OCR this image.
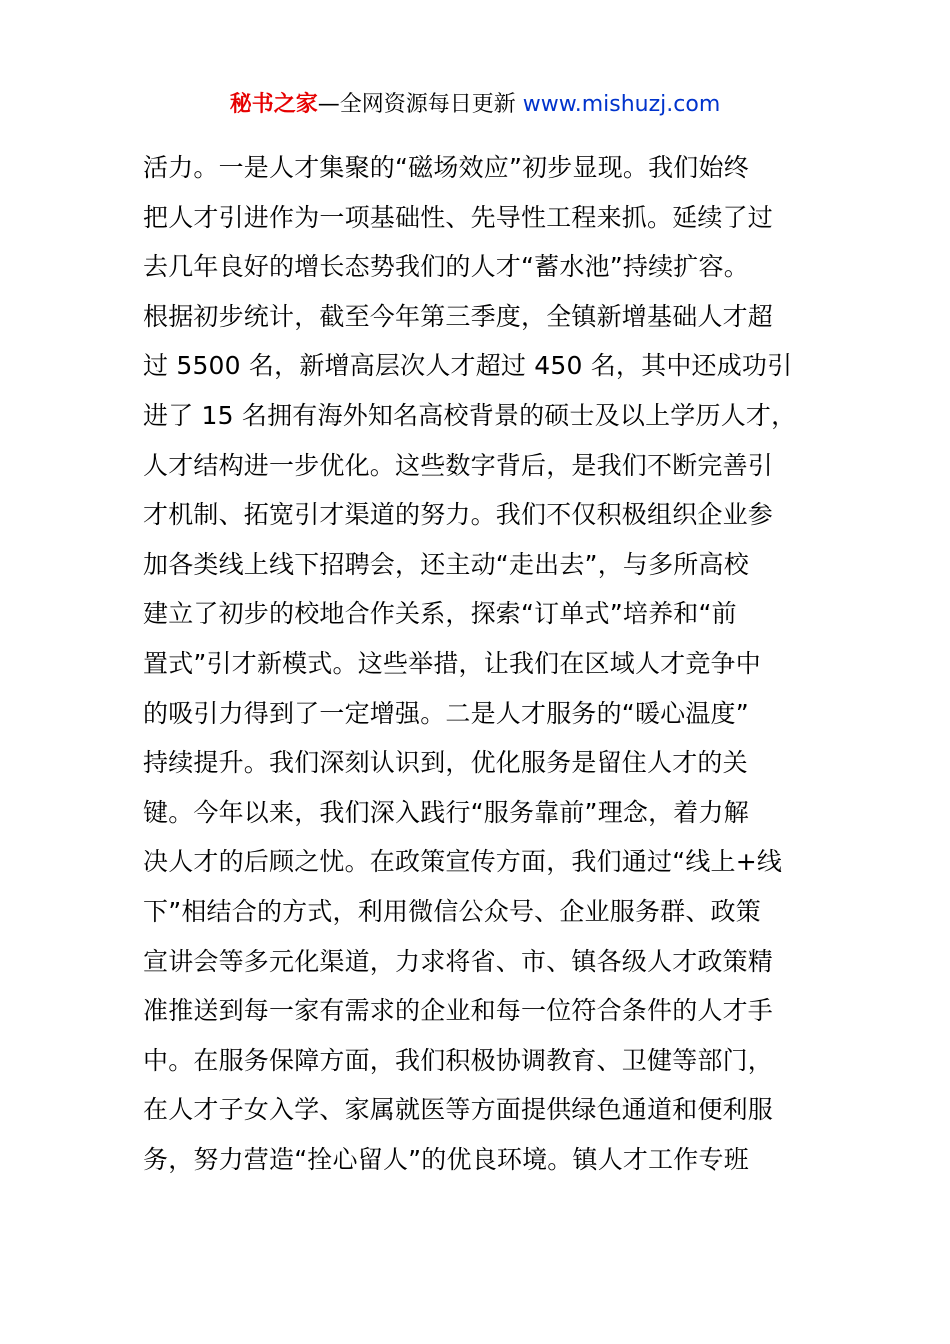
秘书之家—全网资源每日更新 www.mishuzj.com
活力。一是人才集聚的“磁场效应”初步显现。我们始终
把人才引进作为一项基础性、先导性工程来抓。延续了过
去几年良好的增长态势我们的人才“蓄水池”持续扩容。
根据初步统计，截至今年第三季度，全镇新增基础人才超
过 5500 名，新增高层次人才超过 450 名，其中还成功引
进了 15 名拥有海外知名高校背景的硕士及以上学历人才，
人才结构进一步优化。这些数字背后，是我们不断完善引
才机制、拓宽引才渠道的努力。我们不仅积极组织企业参
加各类线上线下招聘会，还主动“走出去”，与多所高校
建立了初步的校地合作关系，探索“订单式”培养和“前
置式”引才新模式。这些举措，让我们在区域人才竞争中
的吸引力得到了一定增强。二是人才服务的“暖心温度”
持续提升。我们深刻认识到，优化服务是留住人才的关
键。今年以来，我们深入践行“服务靠前”理念，着力解
决人才的后顾之忧。在政策宣传方面，我们通过“线上+线
下”相结合的方式，利用微信公众号、企业服务群、政策
宣讲会等多元化渠道，力求将省、市、镇各级人才政策精
准推送到每一家有需求的企业和每一位符合条件的人才手
中。在服务保障方面，我们积极协调教育、卫健等部门，
在人才子女入学、家属就医等方面提供绿色通道和便利服
务，努力营造“拴心留人”的优良环境。镇人才工作专班
